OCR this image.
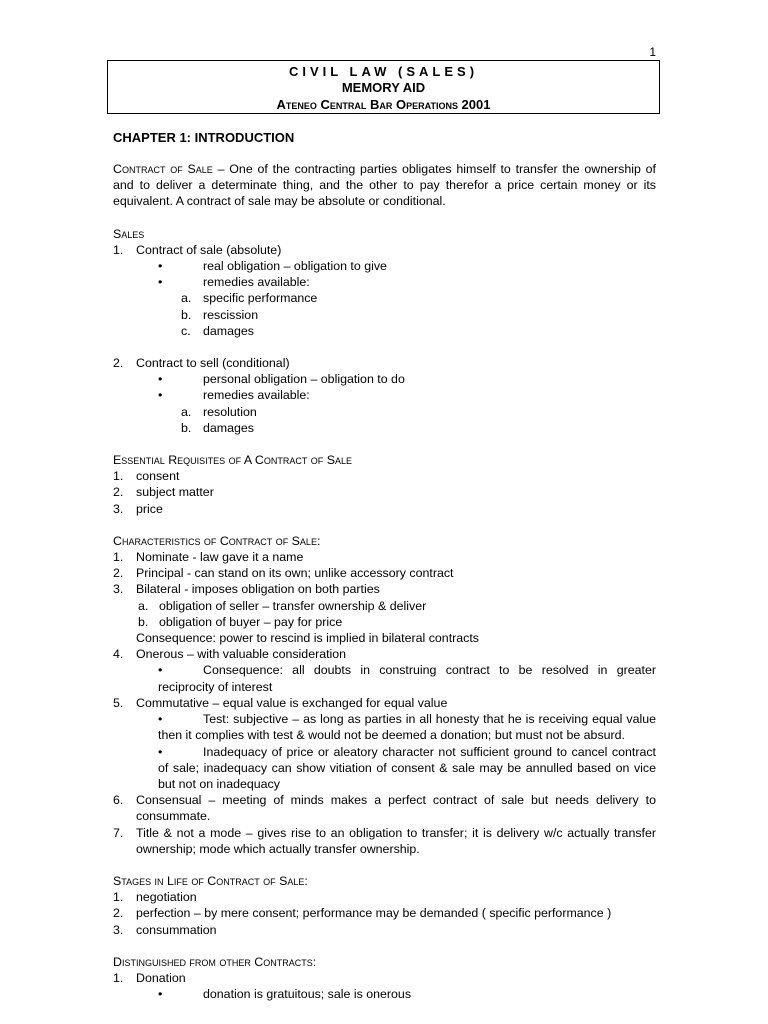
1
CIVIL LAW (SALES)
MEMORY AID
Ateneo Central Bar Operations 2001
CHAPTER 1: INTRODUCTION

Contract of Sale – One of the contracting parties obligates himself to transfer the ownership of and to deliver a determinate thing, and the other to pay therefor a price certain money or its equivalent. A contract of sale may be absolute or conditional.

Sales
1. Contract of sale (absolute)
•	real obligation – obligation to give
•	remedies available:
a. specific performance
b. rescission
c. damages
2. Contract to sell (conditional)
•	personal obligation – obligation to do
•	remedies available:
a. resolution
b. damages
Essential Requisites of A Contract of Sale
1. consent
2. subject matter
3. price
Characteristics of Contract of Sale:
1. Nominate - law gave it a name
2. Principal - can stand on its own; unlike accessory contract
3. Bilateral - imposes obligation on both parties
a. obligation of seller – transfer ownership & deliver
b. obligation of buyer – pay for price
Consequence: power to rescind is implied in bilateral contracts
4. Onerous – with valuable consideration
•	Consequence: all doubts in construing contract to be resolved in greater reciprocity of interest
5. Commutative – equal value is exchanged for equal value
•	Test: subjective – as long as parties in all honesty that he is receiving equal value then it complies with test & would not be deemed a donation; but must not be absurd.
•	Inadequacy of price or aleatory character not sufficient ground to cancel contract of sale; inadequacy can show vitiation of consent & sale may be annulled based on vice but not on inadequacy
6. Consensual – meeting of minds makes a perfect contract of sale but needs delivery to consummate.
7. Title & not a mode – gives rise to an obligation to transfer; it is delivery w/c actually transfer ownership; mode which actually transfer ownership.
Stages in Life of Contract of Sale:
1. negotiation
2. perfection – by mere consent; performance may be demanded ( specific performance )
3. consummation
Distinguished from other Contracts:
1. Donation
•	donation is gratuitous; sale is onerous
